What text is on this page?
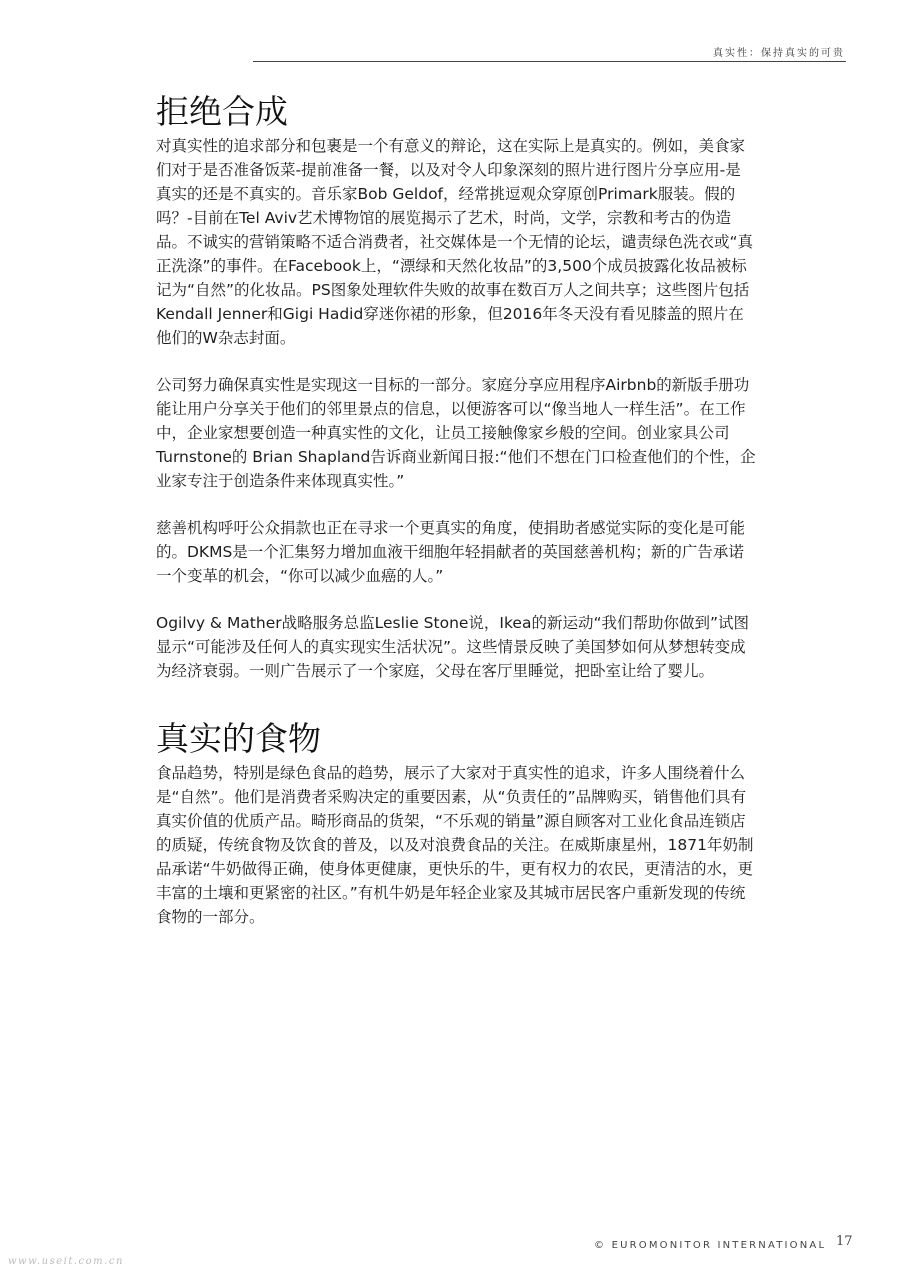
真实性：保持真实的可贵
拒绝合成

对真实性的追求部分和包裹是一个有意义的辩论，这在实际上是真实的。例如，美食家们对于是否准备饭菜-提前准备一餐，以及对令人印象深刻的照片进行图片分享应用-是真实的还是不真实的。音乐家Bob Geldof，经常挑逗观众穿原创Primark服装。假的吗？-目前在Tel Aviv艺术博物馆的展览揭示了艺术，时尚，文学，宗教和考古的伪造品。不诚实的营销策略不适合消费者，社交媒体是一个无情的论坛，谴责绿色洗衣或“真正洗涤”的事件。在Facebook上，“漂绿和天然化妆品”的3,500个成员披露化妆品被标记为“自然”的化妆品。PS图象处理软件失败的故事在数百万人之间共享；这些图片包括Kendall Jenner和Gigi Hadid穿迷你裙的形象，但2016年冬天没有看见膝盖的照片在他们的W杂志封面。

公司努力确保真实性是实现这一目标的一部分。家庭分享应用程序Airbnb的新版手册功能让用户分享关于他们的邻里景点的信息，以便游客可以“像当地人一样生活”。在工作中，企业家想要创造一种真实性的文化，让员工接触像家乡般的空间。创业家具公司Turnstone的 Brian Shapland告诉商业新闻日报:“他们不想在门口检查他们的个性，企业家专注于创造条件来体现真实性。”

慈善机构呼吁公众捐款也正在寻求一个更真实的角度，使捐助者感觉实际的变化是可能的。DKMS是一个汇集努力增加血液干细胞年轻捐献者的英国慈善机构；新的广告承诺一个变革的机会，“你可以减少血癌的人。”

Ogilvy & Mather战略服务总监Leslie Stone说，Ikea的新运动“我们帮助你做到”试图显示“可能涉及任何人的真实现实生活状况”。这些情景反映了美国梦如何从梦想转变成为经济衰弱。一则广告展示了一个家庭，父母在客厅里睡觉，把卧室让给了婴儿。

真实的食物

食品趋势，特别是绿色食品的趋势，展示了大家对于真实性的追求，许多人围绕着什么是“自然”。他们是消费者采购决定的重要因素，从“负责任的”品牌购买，销售他们具有真实价值的优质产品。畸形商品的货架，“不乐观的销量”源自顾客对工业化食品连锁店的质疑，传统食物及饮食的普及，以及对浪费食品的关注。在威斯康星州，1871年奶制品承诺“牛奶做得正确，使身体更健康，更快乐的牛，更有权力的农民，更清洁的水，更丰富的土壤和更紧密的社区。”有机牛奶是年轻企业家及其城市居民客户重新发现的传统食物的一部分。

© EUROMONITOR INTERNATIONAL 17
www.useit.com.cn
